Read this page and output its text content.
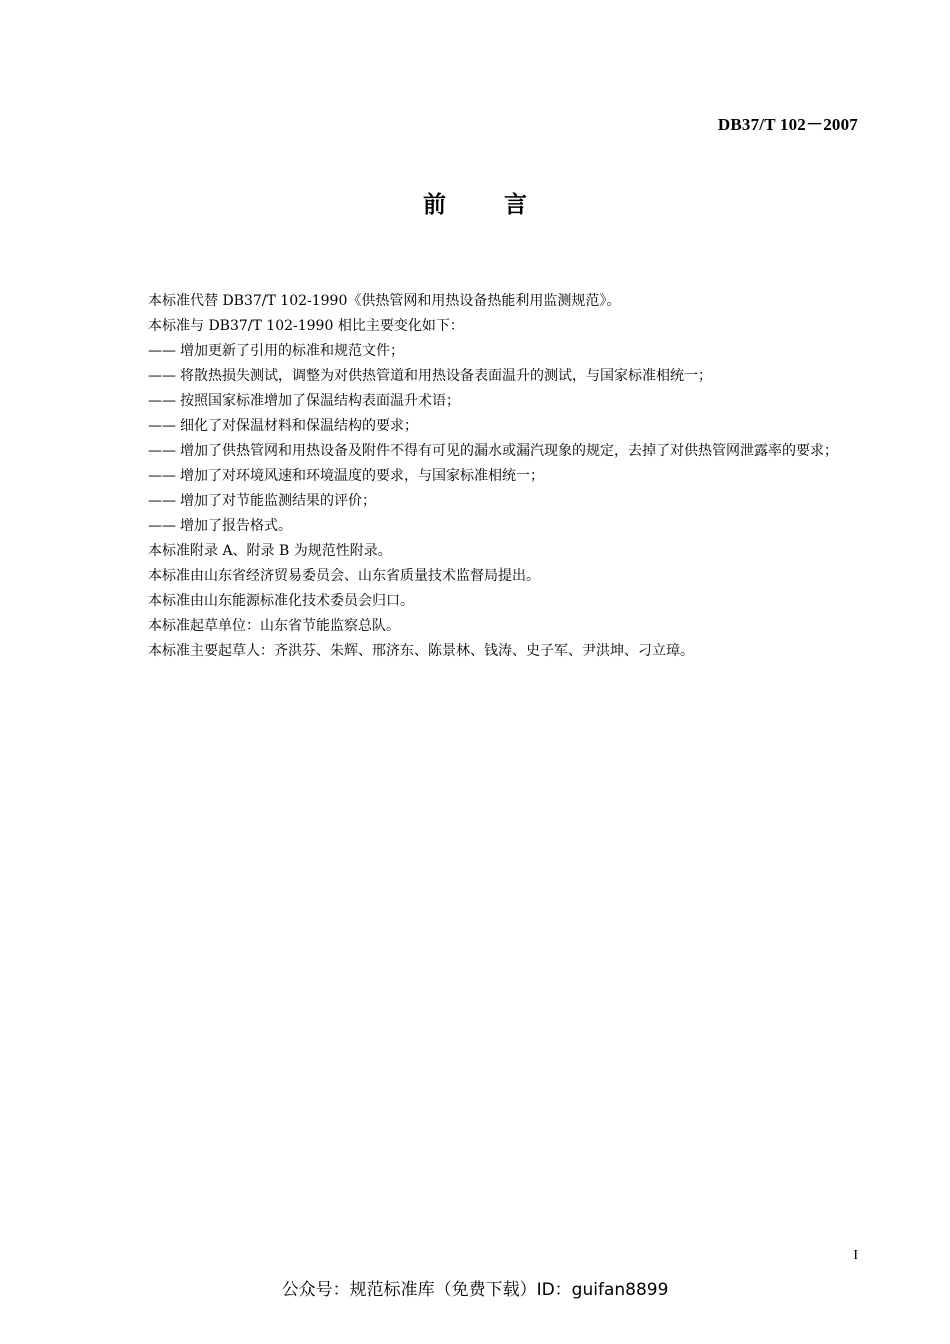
DB37/T 102－2007
前言

本标准代替 DB37/T 102-1990《供热管网和用热设备热能利用监测规范》。

本标准与 DB37/T 102-1990 相比主要变化如下：

—— 增加更新了引用的标准和规范文件；

—— 将散热损失测试，调整为对供热管道和用热设备表面温升的测试，与国家标准相统一；

—— 按照国家标准增加了保温结构表面温升术语；

—— 细化了对保温材料和保温结构的要求；

—— 增加了供热管网和用热设备及附件不得有可见的漏水或漏汽现象的规定，去掉了对供热管网泄露率的要求；

—— 增加了对环境风速和环境温度的要求，与国家标准相统一；

—— 增加了对节能监测结果的评价；

—— 增加了报告格式。

本标准附录 A、附录 B 为规范性附录。

本标准由山东省经济贸易委员会、山东省质量技术监督局提出。

本标准由山东能源标准化技术委员会归口。

本标准起草单位：山东省节能监察总队。

本标准主要起草人：齐洪芬、朱辉、邢济东、陈景林、钱涛、史子军、尹洪坤、刁立璋。

I
公众号：规范标准库（免费下载）ID：guifan8899
